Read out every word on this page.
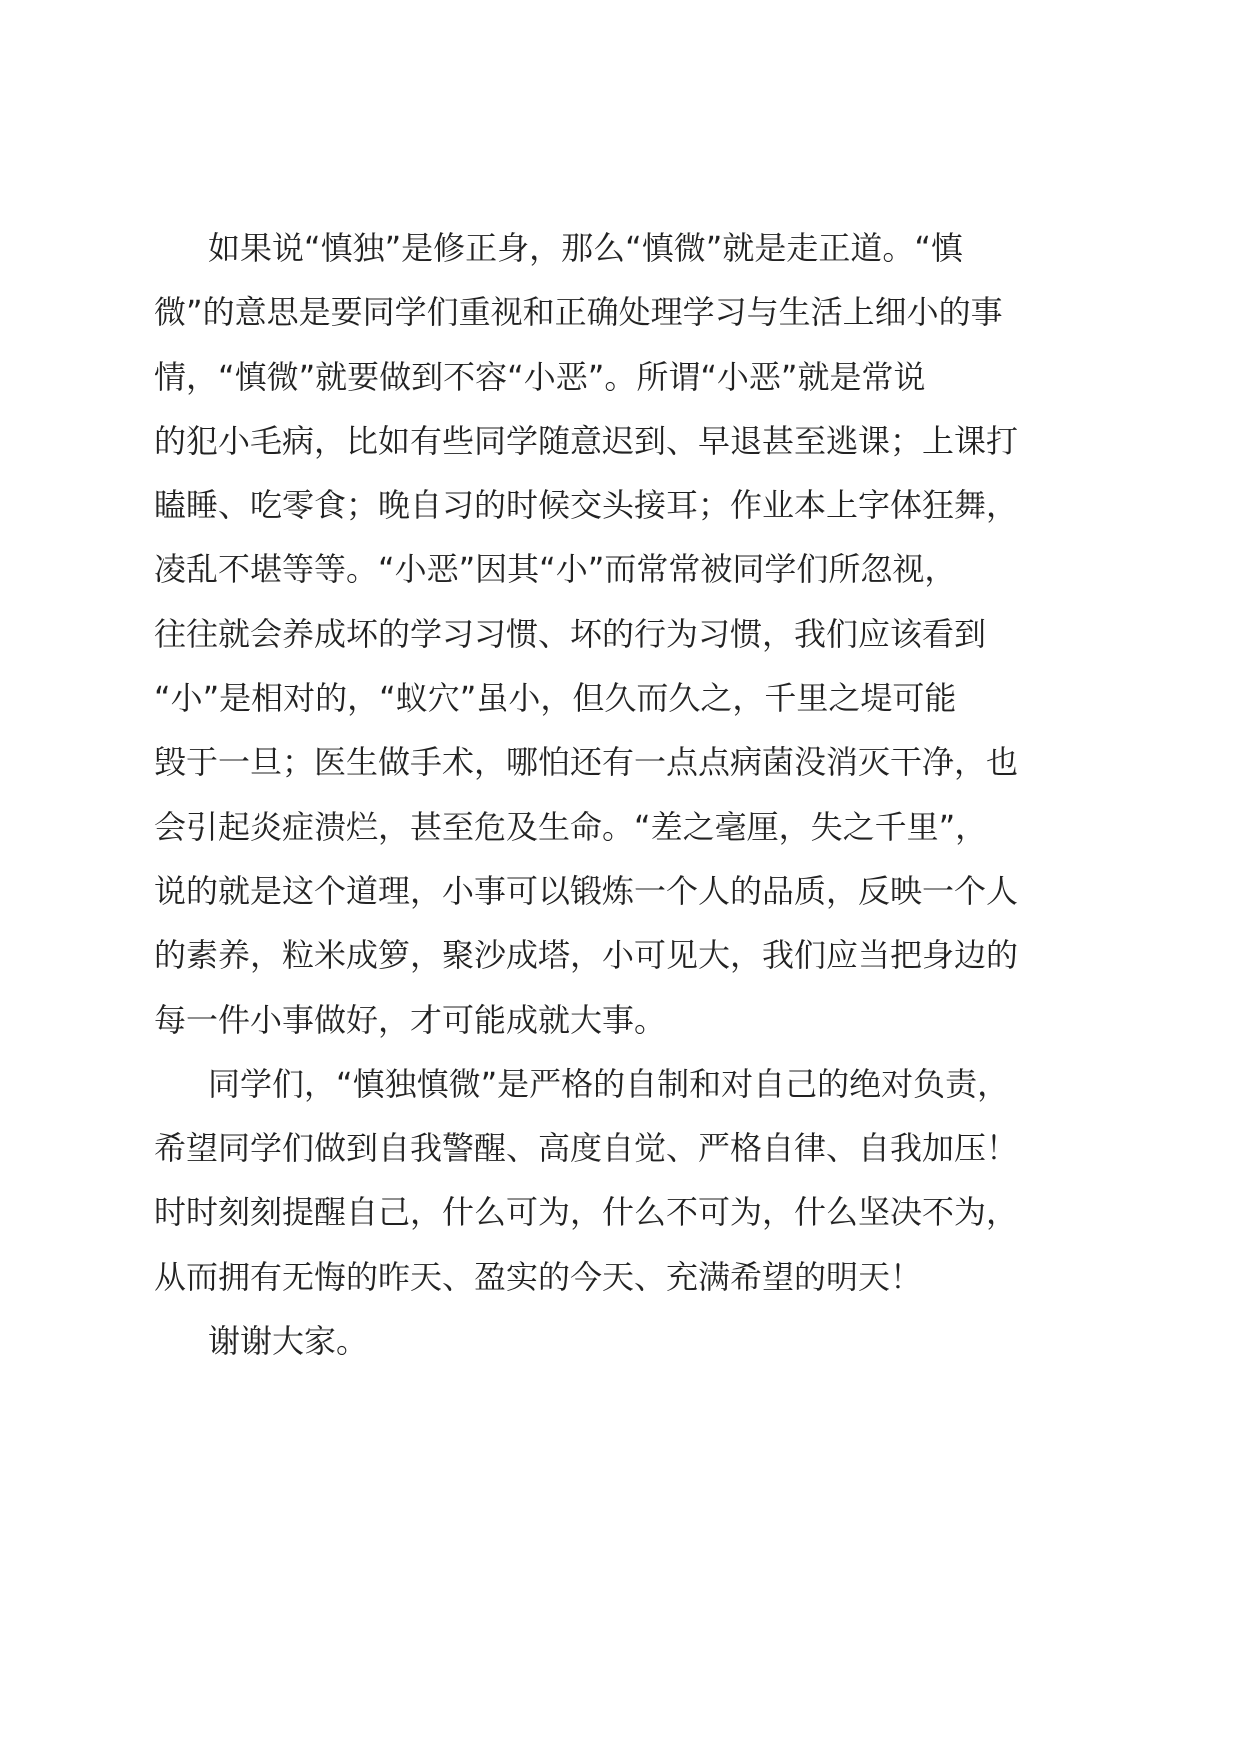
如果说“慎独”是修正身，那么“慎微”就是走正道。“慎
微”的意思是要同学们重视和正确处理学习与生活上细小的事
情，“慎微”就要做到不容“小恶”。所谓“小恶”就是常说
的犯小毛病，比如有些同学随意迟到、早退甚至逃课；上课打
瞌睡、吃零食；晚自习的时候交头接耳；作业本上字体狂舞，
凌乱不堪等等。“小恶”因其“小”而常常被同学们所忽视，
往往就会养成坏的学习习惯、坏的行为习惯，我们应该看到
“小”是相对的，“蚁穴”虽小，但久而久之，千里之堤可能
毁于一旦；医生做手术，哪怕还有一点点病菌没消灭干净，也
会引起炎症溃烂，甚至危及生命。“差之毫厘，失之千里”，
说的就是这个道理，小事可以锻炼一个人的品质，反映一个人
的素养，粒米成箩，聚沙成塔，小可见大，我们应当把身边的
每一件小事做好，才可能成就大事。
同学们，“慎独慎微”是严格的自制和对自己的绝对负责，
希望同学们做到自我警醒、高度自觉、严格自律、自我加压！
时时刻刻提醒自己，什么可为，什么不可为，什么坚决不为，
从而拥有无悔的昨天、盈实的今天、充满希望的明天！
谢谢大家。
